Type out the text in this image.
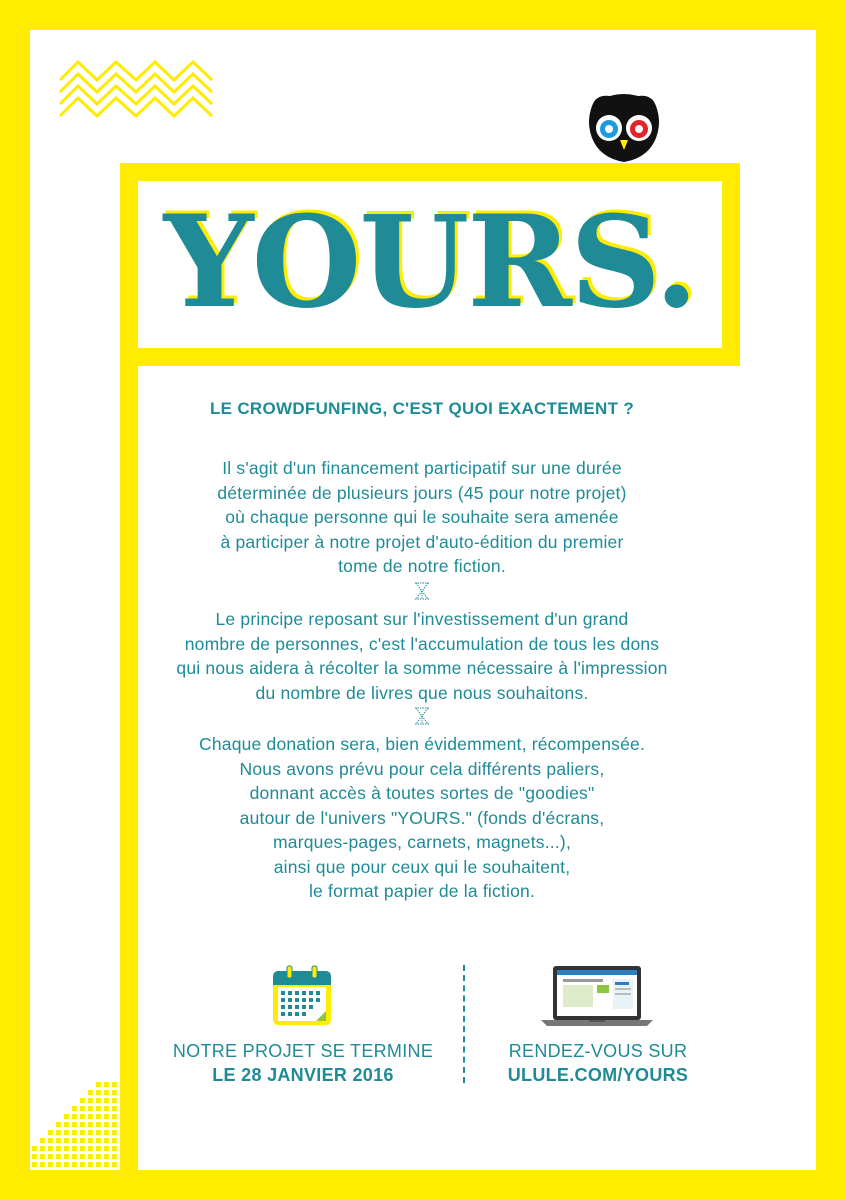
YOURS.
LE CROWDFUNFING, C'EST QUOI EXACTEMENT ?
Il s'agit d'un financement participatif sur une durée
déterminée de plusieurs jours (45 pour notre projet)
où chaque personne qui le souhaite sera amenée
à participer à notre projet d'auto-édition du premier
tome de notre fiction.
Le principe reposant sur l'investissement d'un grand
nombre de personnes, c'est l'accumulation de tous les dons
qui nous aidera à récolter la somme nécessaire à l'impression
du nombre de livres que nous souhaitons.
Chaque donation sera, bien évidemment, récompensée.
Nous avons prévu pour cela différents paliers,
donnant accès à toutes sortes de "goodies"
autour de l'univers "YOURS." (fonds d'écrans,
marques-pages, carnets, magnets...),
ainsi que pour ceux qui le souhaitent,
le format papier de la fiction.
NOTRE PROJET SE TERMINE
LE 28 JANVIER 2016
RENDEZ-VOUS SUR
ULULE.COM/YOURS
